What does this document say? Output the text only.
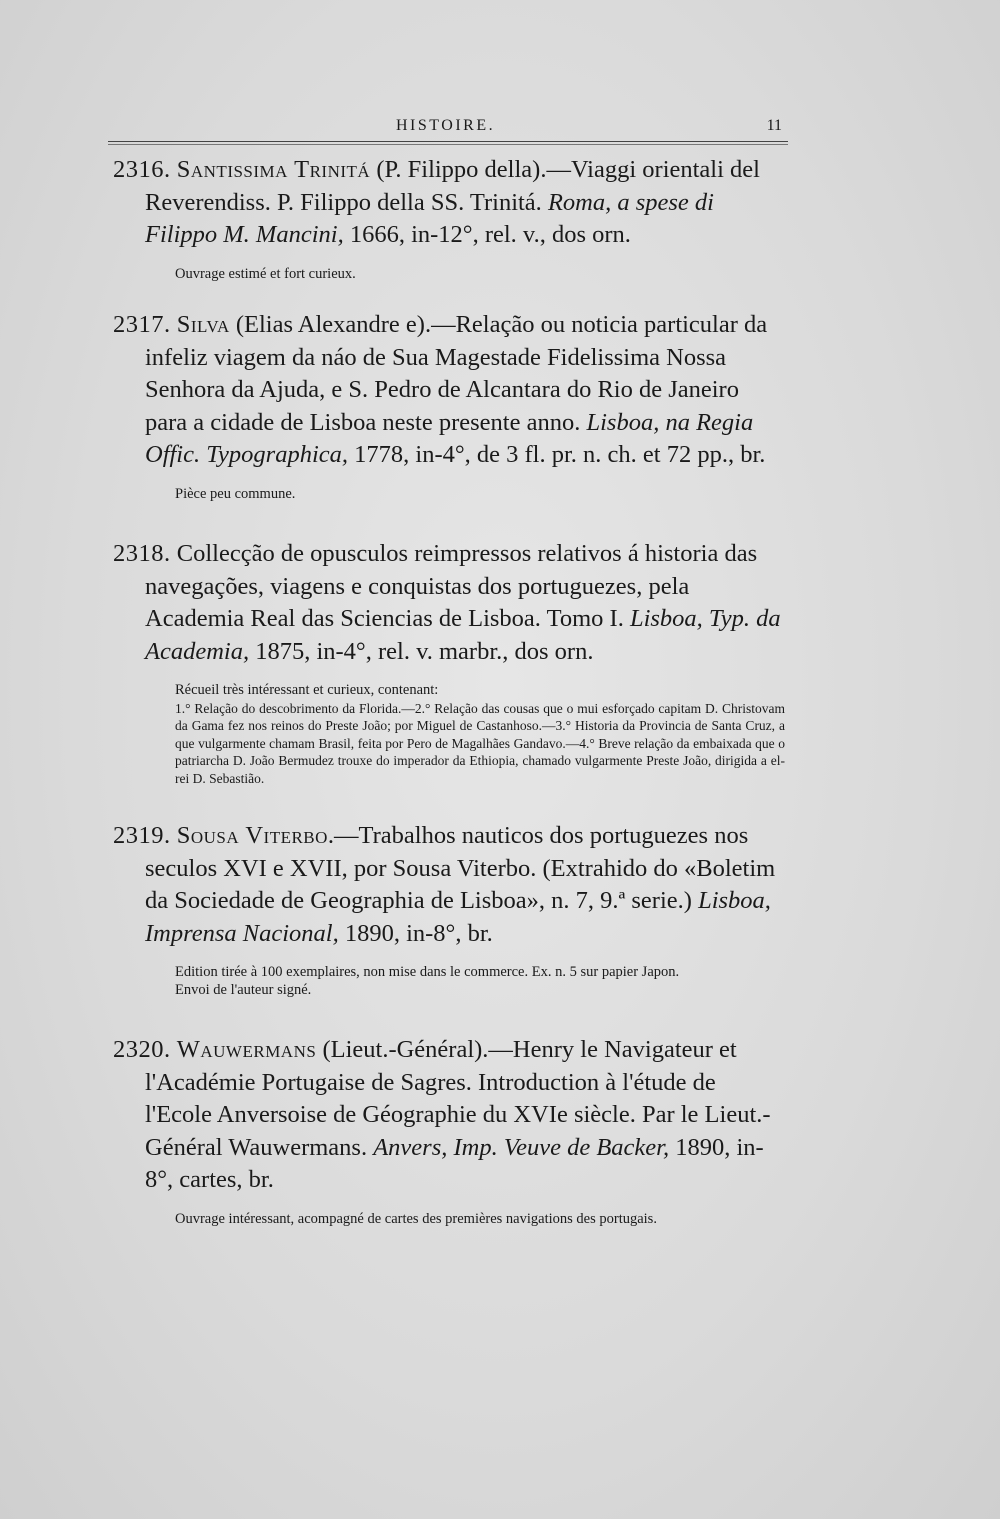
HISTOIRE.	11

2316. Santissima Trinitá (P. Filippo della).—Viaggi orientali del Reverendiss. P. Filippo della SS. Trinitá. Roma, a spese di Filippo M. Mancini, 1666, in-12°, rel. v., dos orn.

Ouvrage estimé et fort curieux.

2317. Silva (Elias Alexandre e).—Relação ou noticia particular da infeliz viagem da náo de Sua Magestade Fidelissima Nossa Senhora da Ajuda, e S. Pedro de Alcantara do Rio de Janeiro para a cidade de Lisboa neste presente anno. Lisboa, na Regia Offic. Typographica, 1778, in-4°, de 3 fl. pr. n. ch. et 72 pp., br.

Pièce peu commune.

2318. Collecção de opusculos reimpressos relativos á historia das navegações, viagens e conquistas dos portuguezes, pela Academia Real das Sciencias de Lisboa. Tomo I. Lisboa, Typ. da Academia, 1875, in-4°, rel. v. marbr., dos orn.

Récueil très intéressant et curieux, contenant:

1.° Relação do descobrimento da Florida.—2.° Relação das cousas que o mui esforçado capitam D. Christovam da Gama fez nos reinos do Preste João; por Miguel de Castanhoso.—3.° Historia da Provincia de Santa Cruz, a que vulgarmente chamam Brasil, feita por Pero de Magalhães Gandavo.—4.° Breve relação da embaixada que o patriarcha D. João Bermudez trouxe do imperador da Ethiopia, chamado vulgarmente Preste João, dirigida a el-rei D. Sebastião.

2319. Sousa Viterbo.—Trabalhos nauticos dos portuguezes nos seculos XVI e XVII, por Sousa Viterbo. (Extrahido do «Boletim da Sociedade de Geographia de Lisboa», n. 7, 9.ª serie.) Lisboa, Imprensa Nacional, 1890, in-8°, br.

Edition tirée à 100 exemplaires, non mise dans le commerce. Ex. n. 5 sur papier Japon.

Envoi de l'auteur signé.

2320. Wauwermans (Lieut.-Général).—Henry le Navigateur et l'Académie Portugaise de Sagres. Introduction à l'étude de l'Ecole Anversoise de Géographie du XVIe siècle. Par le Lieut.-Général Wauwermans. Anvers, Imp. Veuve de Backer, 1890, in-8°, cartes, br.

Ouvrage intéressant, acompagné de cartes des premières navigations des portugais.
